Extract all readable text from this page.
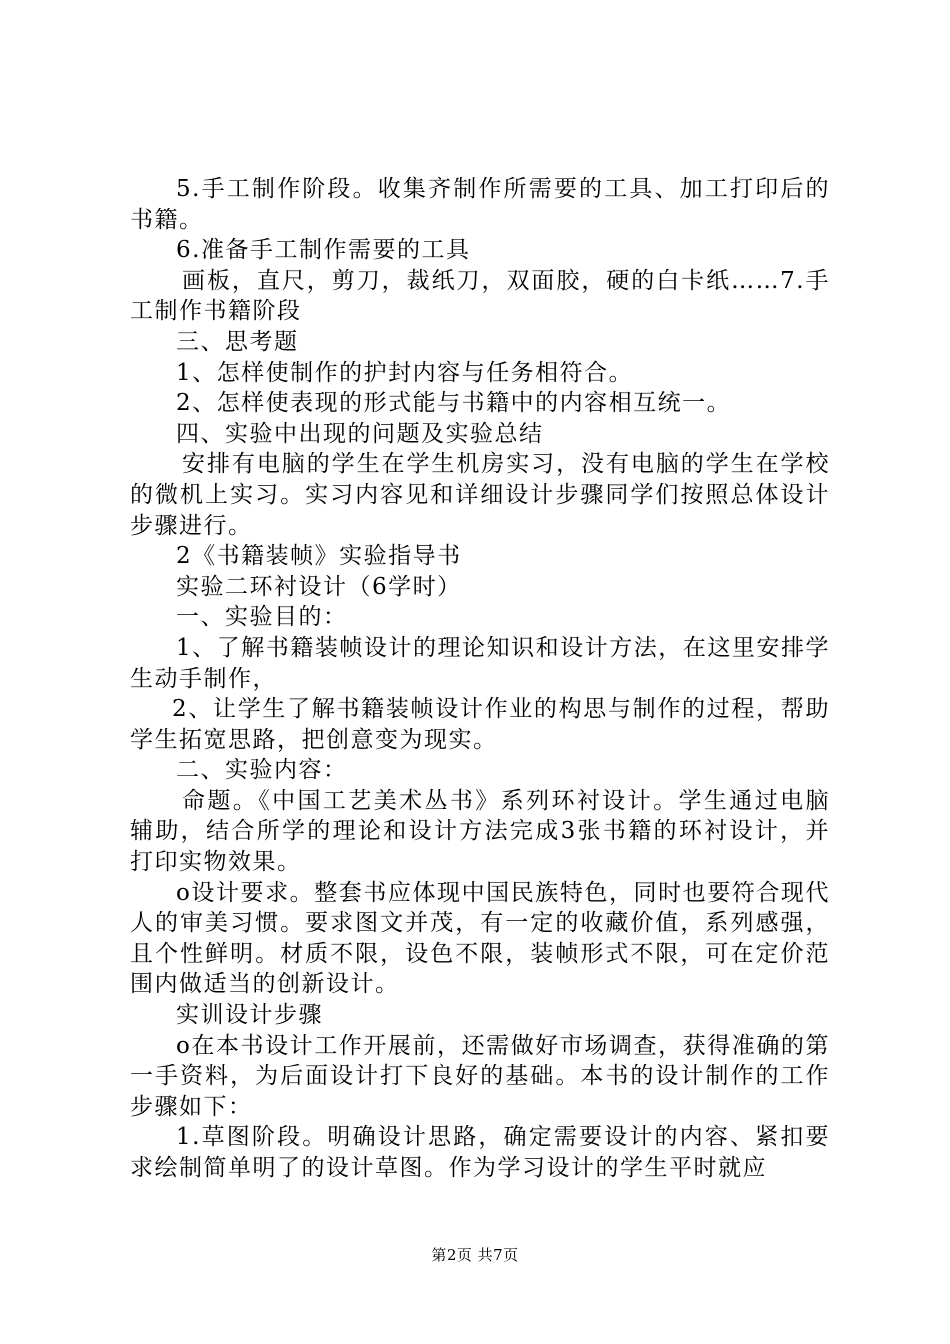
5.手工制作阶段。收集齐制作所需要的工具、加工打印后的书籍。

6.准备手工制作需要的工具

画板，直尺，剪刀，裁纸刀，双面胶，硬的白卡纸……7.手工制作书籍阶段

三、思考题

1、怎样使制作的护封内容与任务相符合。

2、怎样使表现的形式能与书籍中的内容相互统一。

四、实验中出现的问题及实验总结

安排有电脑的学生在学生机房实习，没有电脑的学生在学校的微机上实习。实习内容见和详细设计步骤同学们按照总体设计步骤进行。

2《书籍装帧》实验指导书

实验二环衬设计（6学时）

一、实验目的：

1、了解书籍装帧设计的理论知识和设计方法，在这里安排学生动手制作，

2、让学生了解书籍装帧设计作业的构思与制作的过程，帮助学生拓宽思路，把创意变为现实。

二、实验内容：

命题。《中国工艺美术丛书》系列环衬设计。学生通过电脑辅助，结合所学的理论和设计方法完成3张书籍的环衬设计，并打印实物效果。

o设计要求。整套书应体现中国民族特色，同时也要符合现代人的审美习惯。要求图文并茂，有一定的收藏价值，系列感强，且个性鲜明。材质不限，设色不限，装帧形式不限，可在定价范围内做适当的创新设计。

实训设计步骤

o在本书设计工作开展前，还需做好市场调查，获得准确的第一手资料，为后面设计打下良好的基础。本书的设计制作的工作步骤如下：

1.草图阶段。明确设计思路，确定需要设计的内容、紧扣要求绘制简单明了的设计草图。作为学习设计的学生平时就应

第2页 共7页
